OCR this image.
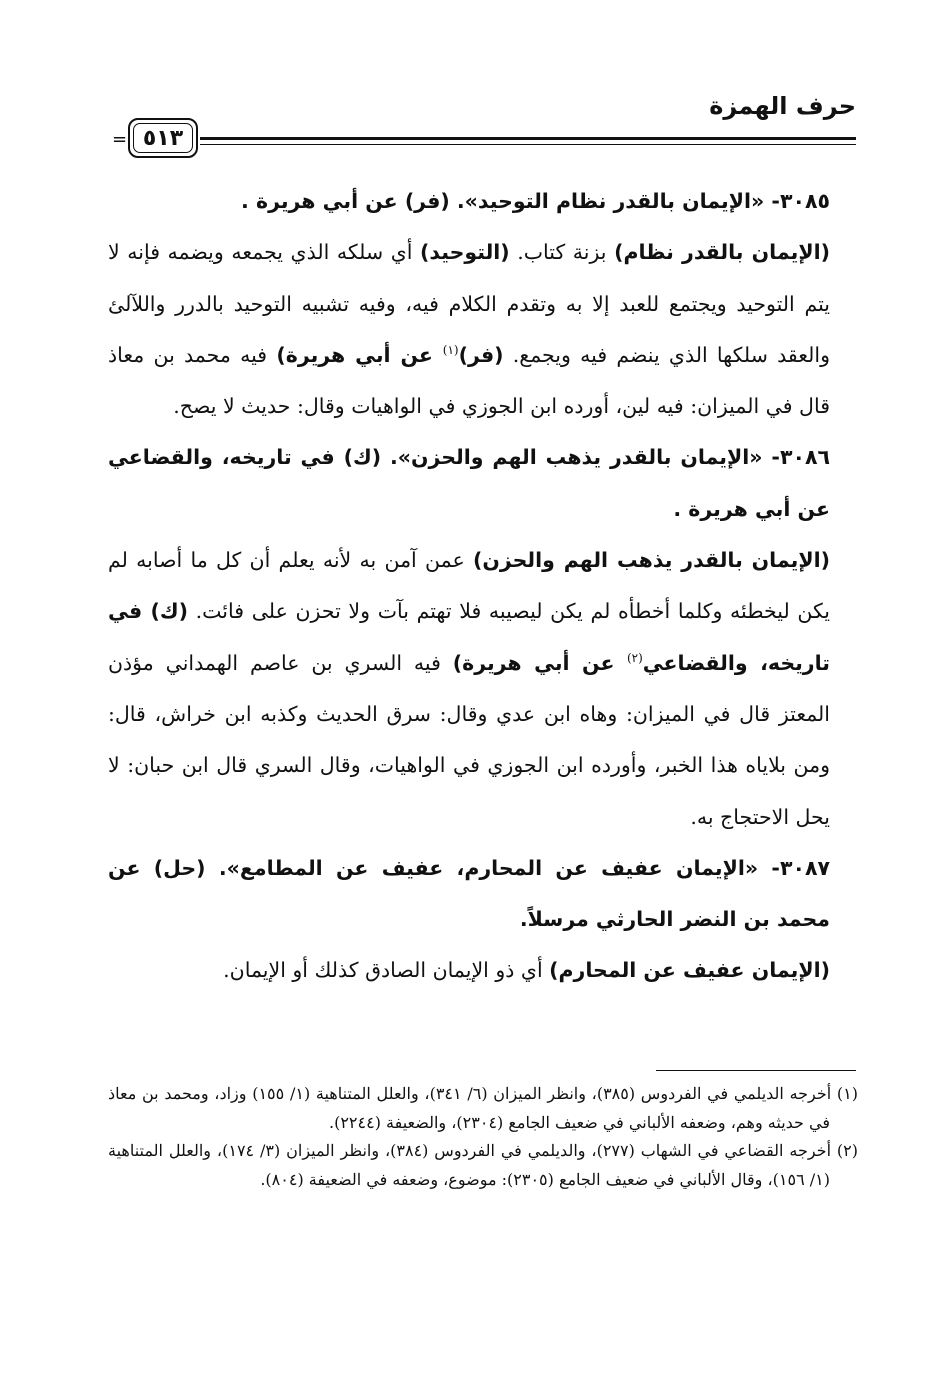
حرف الهمزة
٥١٣
=

٣٠٨٥- «الإيمان بالقدر نظام التوحيد». (فر) عن أبي هريرة .

(الإيمان بالقدر نظام) بزنة كتاب. (التوحيد) أي سلكه الذي يجمعه ويضمه فإنه لا يتم التوحيد ويجتمع للعبد إلا به وتقدم الكلام فيه، وفيه تشبيه التوحيد بالدرر واللآلئ والعقد سلكها الذي ينضم فيه ويجمع. (فر)$^{(١)}$ عن أبي هريرة) فيه محمد بن معاذ قال في الميزان: فيه لين، أورده ابن الجوزي في الواهيات وقال: حديث لا يصح.

٣٠٨٦- «الإيمان بالقدر يذهب الهم والحزن». (ك) في تاريخه، والقضاعي عن أبي هريرة .

(الإيمان بالقدر يذهب الهم والحزن) عمن آمن به لأنه يعلم أن كل ما أصابه لم يكن ليخطئه وكلما أخطأه لم يكن ليصيبه فلا تهتم بآت ولا تحزن على فائت. (ك) في تاريخه، والقضاعي$^{(٢)}$ عن أبي هريرة) فيه السري بن عاصم الهمداني مؤذن المعتز قال في الميزان: وهاه ابن عدي وقال: سرق الحديث وكذبه ابن خراش، قال: ومن بلاياه هذا الخبر، وأورده ابن الجوزي في الواهيات، وقال السري قال ابن حبان: لا يحل الاحتجاج به.

٣٠٨٧- «الإيمان عفيف عن المحارم، عفيف عن المطامع». (حل) عن محمد بن النضر الحارثي مرسلاً.

(الإيمان عفيف عن المحارم) أي ذو الإيمان الصادق كذلك أو الإيمان.

(١) أخرجه الديلمي في الفردوس (٣٨٥)، وانظر الميزان (٦/ ٣٤١)، والعلل المتناهية (١/ ١٥٥) وزاد، ومحمد بن معاذ في حديثه وهم، وضعفه الألباني في ضعيف الجامع (٢٣٠٤)، والضعيفة (٢٢٤٤).

(٢) أخرجه القضاعي في الشهاب (٢٧٧)، والديلمي في الفردوس (٣٨٤)، وانظر الميزان (٣/ ١٧٤)، والعلل المتناهية (١/ ١٥٦)، وقال الألباني في ضعيف الجامع (٢٣٠٥): موضوع، وضعفه في الضعيفة (٨٠٤).
